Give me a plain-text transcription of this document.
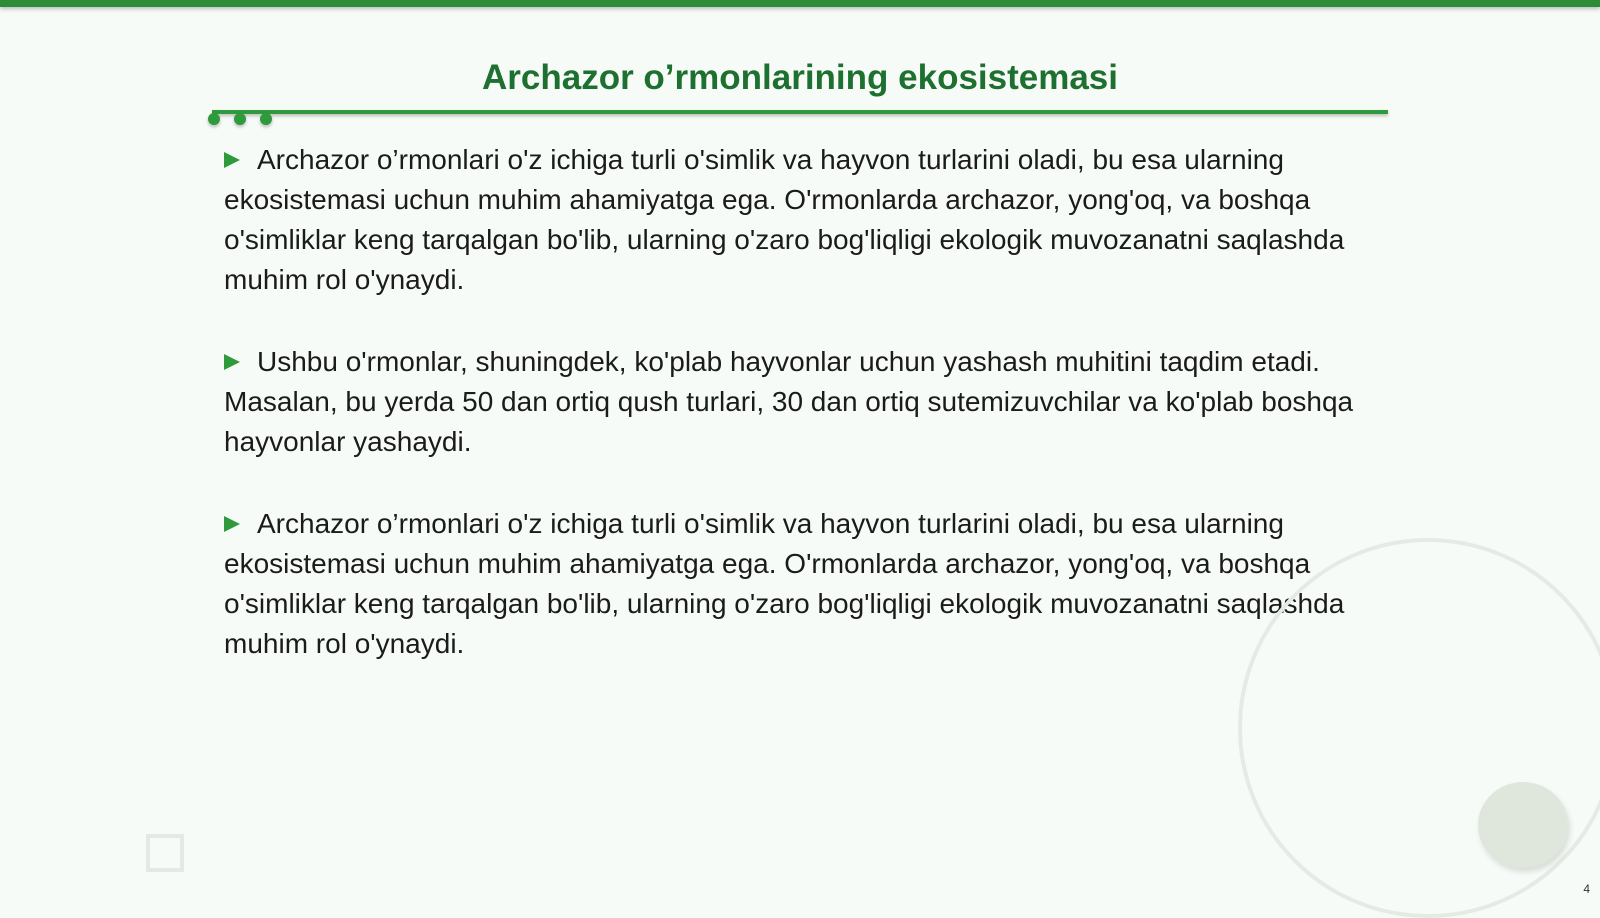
Archazor o’rmonlarining ekosistemasi

Archazor o’rmonlari o'z ichiga turli o'simlik va hayvon turlarini oladi, bu esa ularning ekosistemasi uchun muhim ahamiyatga ega. O'rmonlarda archazor, yong'oq, va boshqa o'simliklar keng tarqalgan bo'lib, ularning o'zaro bog'liqligi ekologik muvozanatni saqlashda muhim rol o'ynaydi.

Ushbu o'rmonlar, shuningdek, ko'plab hayvonlar uchun yashash muhitini taqdim etadi. Masalan, bu yerda 50 dan ortiq qush turlari, 30 dan ortiq sutemizuvchilar va ko'plab boshqa hayvonlar yashaydi.

Archazor o’rmonlari o'z ichiga turli o'simlik va hayvon turlarini oladi, bu esa ularning ekosistemasi uchun muhim ahamiyatga ega. O'rmonlarda archazor, yong'oq, va boshqa o'simliklar keng tarqalgan bo'lib, ularning o'zaro bog'liqligi ekologik muvozanatni saqlashda muhim rol o'ynaydi.

4
